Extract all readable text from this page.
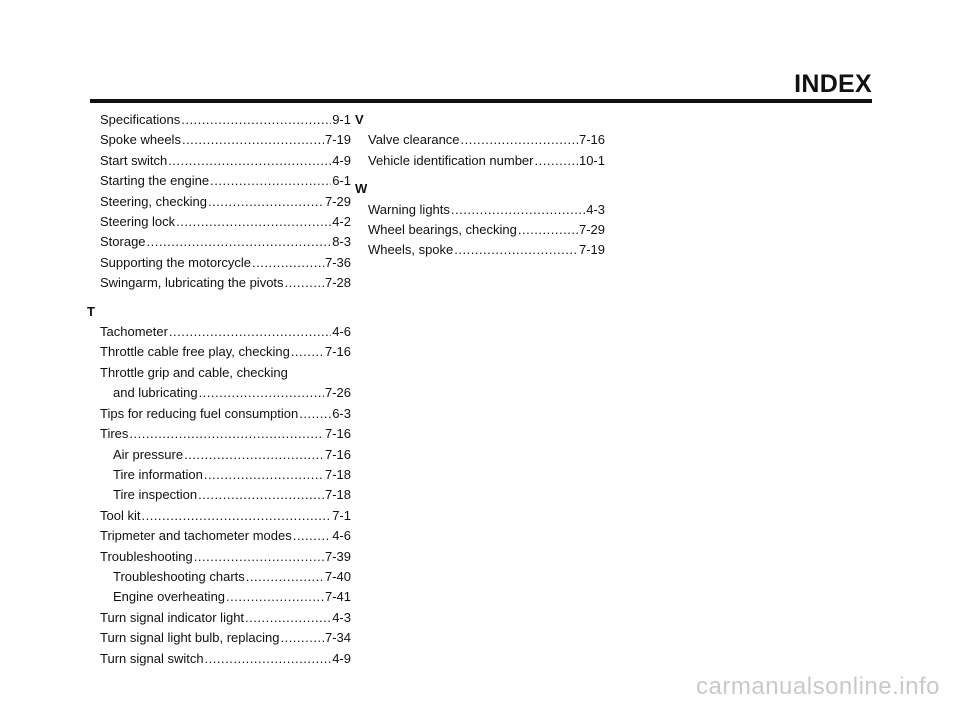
INDEX
Specifications .....	9-1
Spoke wheels .....	7-19
Start switch .....	4-9
Starting the engine .....	6-1
Steering, checking .....	7-29
Steering lock .....	4-2
Storage .....	8-3
Supporting the motorcycle .....	7-36
Swingarm, lubricating the pivots .....	7-28
T
Tachometer .....	4-6
Throttle cable free play, checking .....	7-16
Throttle grip and cable, checking
and lubricating .....	7-26
Tips for reducing fuel consumption .....	6-3
Tires .....	7-16
Air pressure .....	7-16
Tire information .....	7-18
Tire inspection .....	7-18
Tool kit .....	7-1
Tripmeter and tachometer modes .....	4-6
Troubleshooting .....	7-39
Troubleshooting charts .....	7-40
Engine overheating .....	7-41
Turn signal indicator light .....	4-3
Turn signal light bulb, replacing .....	7-34
Turn signal switch .....	4-9
V
Valve clearance .....	7-16
Vehicle identification number .....	10-1
W
Warning lights .....	4-3
Wheel bearings, checking .....	7-29
Wheels, spoke .....	7-19
carmanualsonline.info
